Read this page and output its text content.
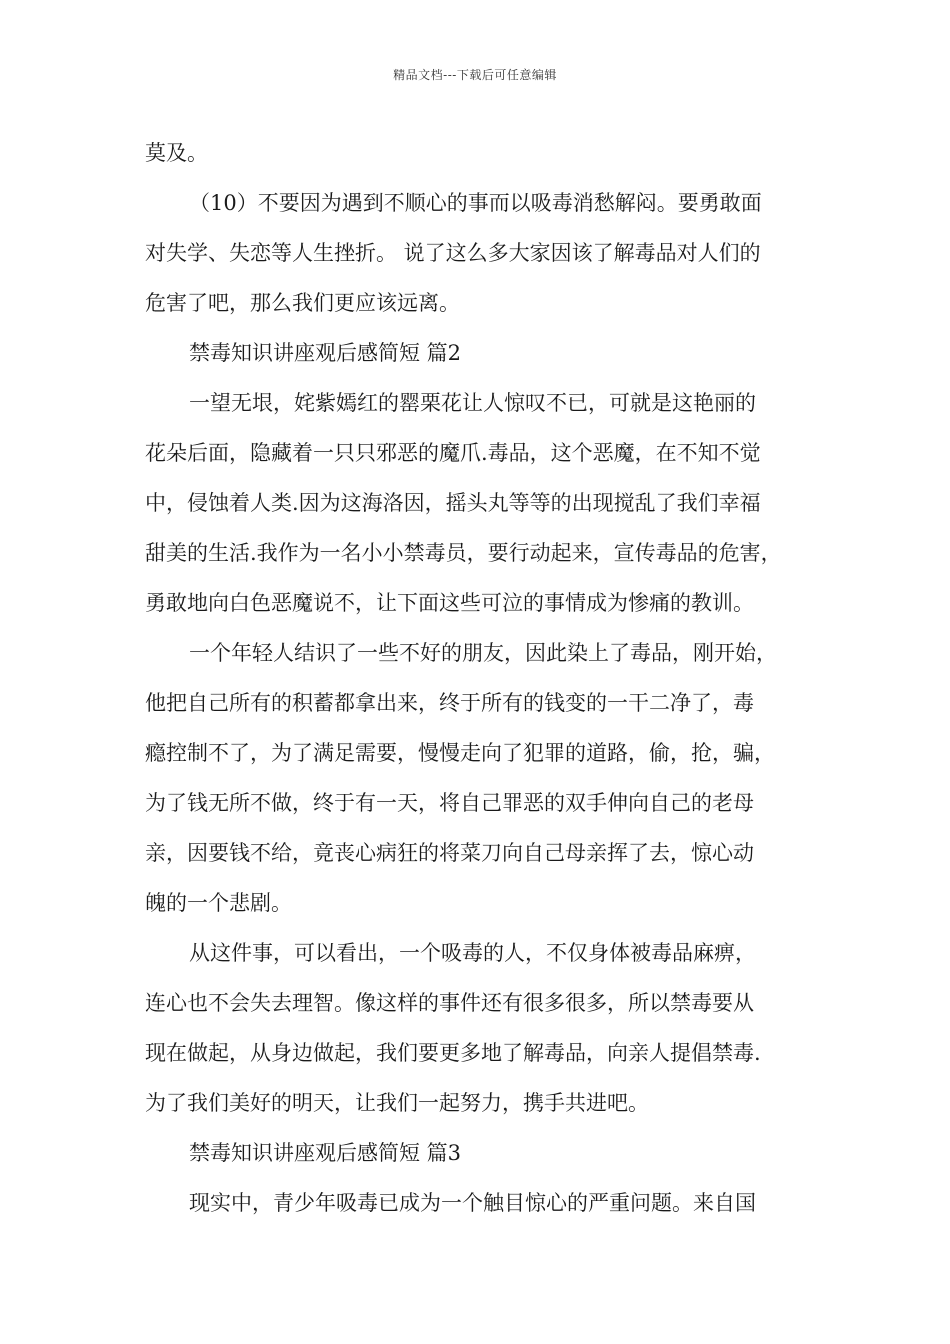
精品文档---下载后可任意编辑
莫及。
（10）不要因为遇到不顺心的事而以吸毒消愁解闷。要勇敢面
对失学、失恋等人生挫折。 说了这么多大家因该了解毒品对人们的
危害了吧，那么我们更应该远离。
禁毒知识讲座观后感简短 篇2
一望无垠，姹紫嫣红的罂栗花让人惊叹不已，可就是这艳丽的
花朵后面，隐藏着一只只邪恶的魔爪.毒品，这个恶魔，在不知不觉
中，侵蚀着人类.因为这海洛因，摇头丸等等的出现搅乱了我们幸福
甜美的生活.我作为一名小小禁毒员，要行动起来，宣传毒品的危害，
勇敢地向白色恶魔说不，让下面这些可泣的事情成为惨痛的教训。
一个年轻人结识了一些不好的朋友，因此染上了毒品，刚开始，
他把自己所有的积蓄都拿出来，终于所有的钱变的一干二净了，毒
瘾控制不了，为了满足需要，慢慢走向了犯罪的道路，偷，抢，骗，
为了钱无所不做，终于有一天，将自己罪恶的双手伸向自己的老母
亲，因要钱不给，竟丧心病狂的将菜刀向自己母亲挥了去，惊心动
魄的一个悲剧。
从这件事，可以看出，一个吸毒的人，不仅身体被毒品麻痹，
连心也不会失去理智。像这样的事件还有很多很多，所以禁毒要从
现在做起，从身边做起，我们要更多地了解毒品，向亲人提倡禁毒.
为了我们美好的明天，让我们一起努力，携手共进吧。
禁毒知识讲座观后感简短 篇3
现实中，青少年吸毒已成为一个触目惊心的严重问题。来自国
